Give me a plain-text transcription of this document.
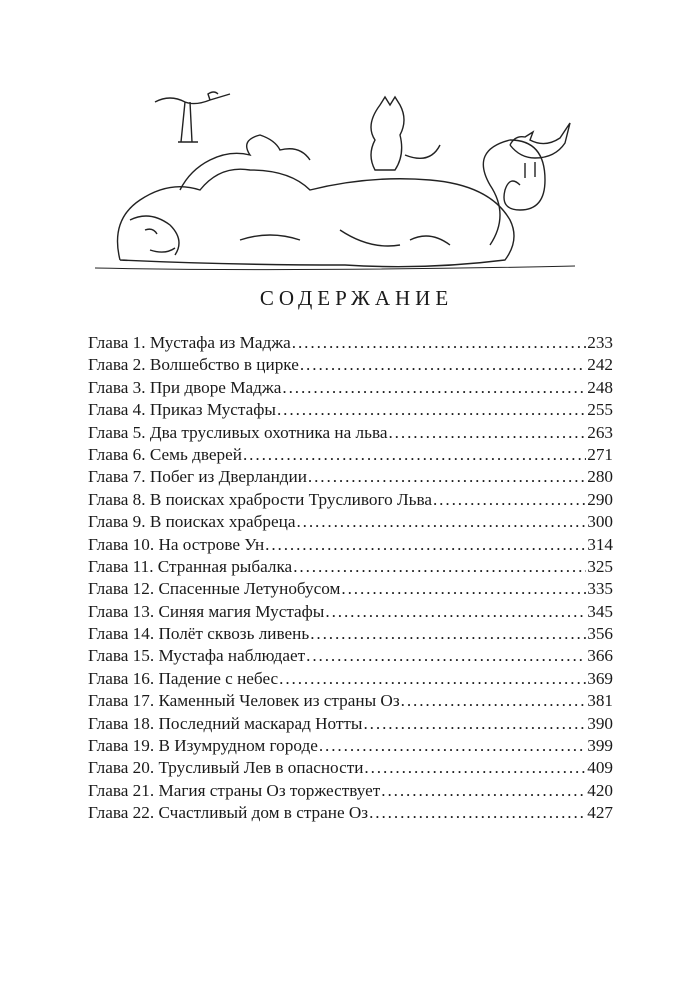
СОДЕРЖАНИЕ
Глава 1. Мустафа из Маджа . . .	233
Глава 2. Волшебство в цирке . . .	242
Глава 3. При дворе Маджа . . .	248
Глава 4. Приказ Мустафы . . .	255
Глава 5. Два трусливых охотника на льва . . .	263
Глава 6. Семь дверей . . .	271
Глава 7. Побег из Дверландии . . .	280
Глава 8. В поисках храбрости Трусливого Льва . . .	290
Глава 9. В поисках храбреца . . .	300
Глава 10. На острове Ун . . .	314
Глава 11. Странная рыбалка . . .	325
Глава 12. Спасенные Летунобусом . . .	335
Глава 13. Синяя магия Мустафы . . .	345
Глава 14. Полёт сквозь ливень . . .	356
Глава 15. Мустафа наблюдает . . .	366
Глава 16. Падение с небес . . .	369
Глава 17. Каменный Человек из страны Оз . . .	381
Глава 18. Последний маскарад Нотты . . .	390
Глава 19. В Изумрудном городе . . .	399
Глава 20. Трусливый Лев в опасности . . .	409
Глава 21. Магия страны Оз торжествует . . .	420
Глава 22. Счастливый дом в стране Оз . . .	427
